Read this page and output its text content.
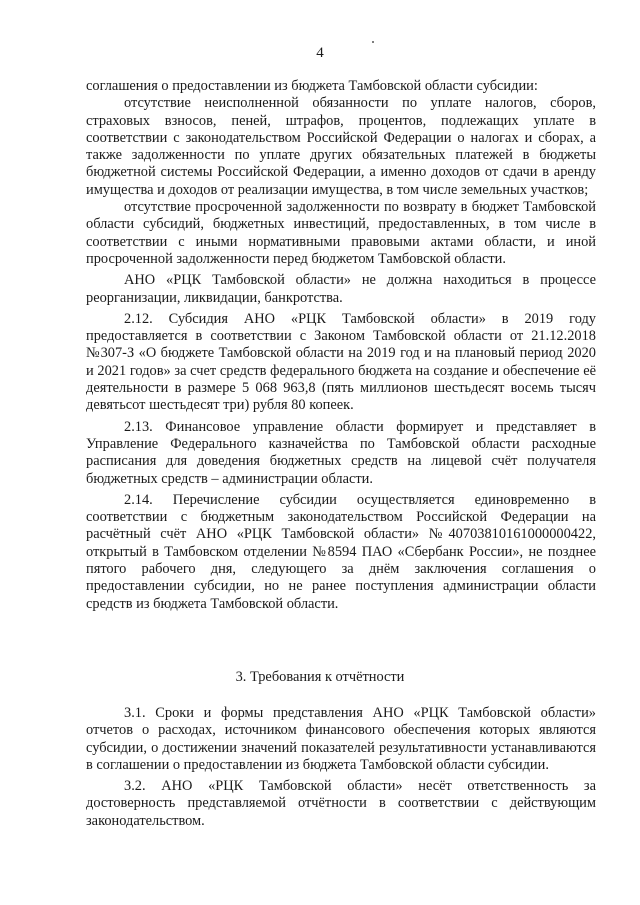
4

соглашения о предоставлении из бюджета Тамбовской области субсидии:

отсутствие неисполненной обязанности по уплате налогов, сборов, страховых взносов, пеней, штрафов, процентов, подлежащих уплате в соответствии с законодательством Российской Федерации о налогах и сборах, а также задолженности по уплате других обязательных платежей в бюджеты бюджетной системы Российской Федерации, а именно доходов от сдачи в аренду имущества и доходов от реализации имущества, в том числе земельных участков;

отсутствие просроченной задолженности по возврату в бюджет Тамбовской области субсидий, бюджетных инвестиций, предоставленных, в том числе в соответствии с иными нормативными правовыми актами области, и иной просроченной задолженности перед бюджетом Тамбовской области.

АНО «РЦК Тамбовской области» не должна находиться в процессе реорганизации, ликвидации, банкротства.

2.12. Субсидия АНО «РЦК Тамбовской области» в 2019 году предоставляется в соответствии с Законом Тамбовской области от 21.12.2018 №307-З «О бюджете Тамбовской области на 2019 год и на плановый период 2020 и 2021 годов» за счет средств федерального бюджета на создание и обеспечение её деятельности в размере 5 068 963,8 (пять миллионов шестьдесят восемь тысяч девятьсот шестьдесят три) рубля 80 копеек.

2.13. Финансовое управление области формирует и представляет в Управление Федерального казначейства по Тамбовской области расходные расписания для доведения бюджетных средств на лицевой счёт получателя бюджетных средств – администрации области.

2.14. Перечисление субсидии осуществляется единовременно в соответствии с бюджетным законодательством Российской Федерации на расчётный счёт АНО «РЦК Тамбовской области» №40703810161000000422, открытый в Тамбовском отделении №8594 ПАО «Сбербанк России», не позднее пятого рабочего дня, следующего за днём заключения соглашения о предоставлении субсидии, но не ранее поступления администрации области средств из бюджета Тамбовской области.

3. Требования к отчётности

3.1. Сроки и формы представления АНО «РЦК Тамбовской области» отчетов о расходах, источником финансового обеспечения которых являются субсидии, о достижении значений показателей результативности устанавливаются в соглашении о предоставлении из бюджета Тамбовской области субсидии.

3.2. АНО «РЦК Тамбовской области» несёт ответственность за достоверность представляемой отчётности в соответствии с действующим законодательством.
